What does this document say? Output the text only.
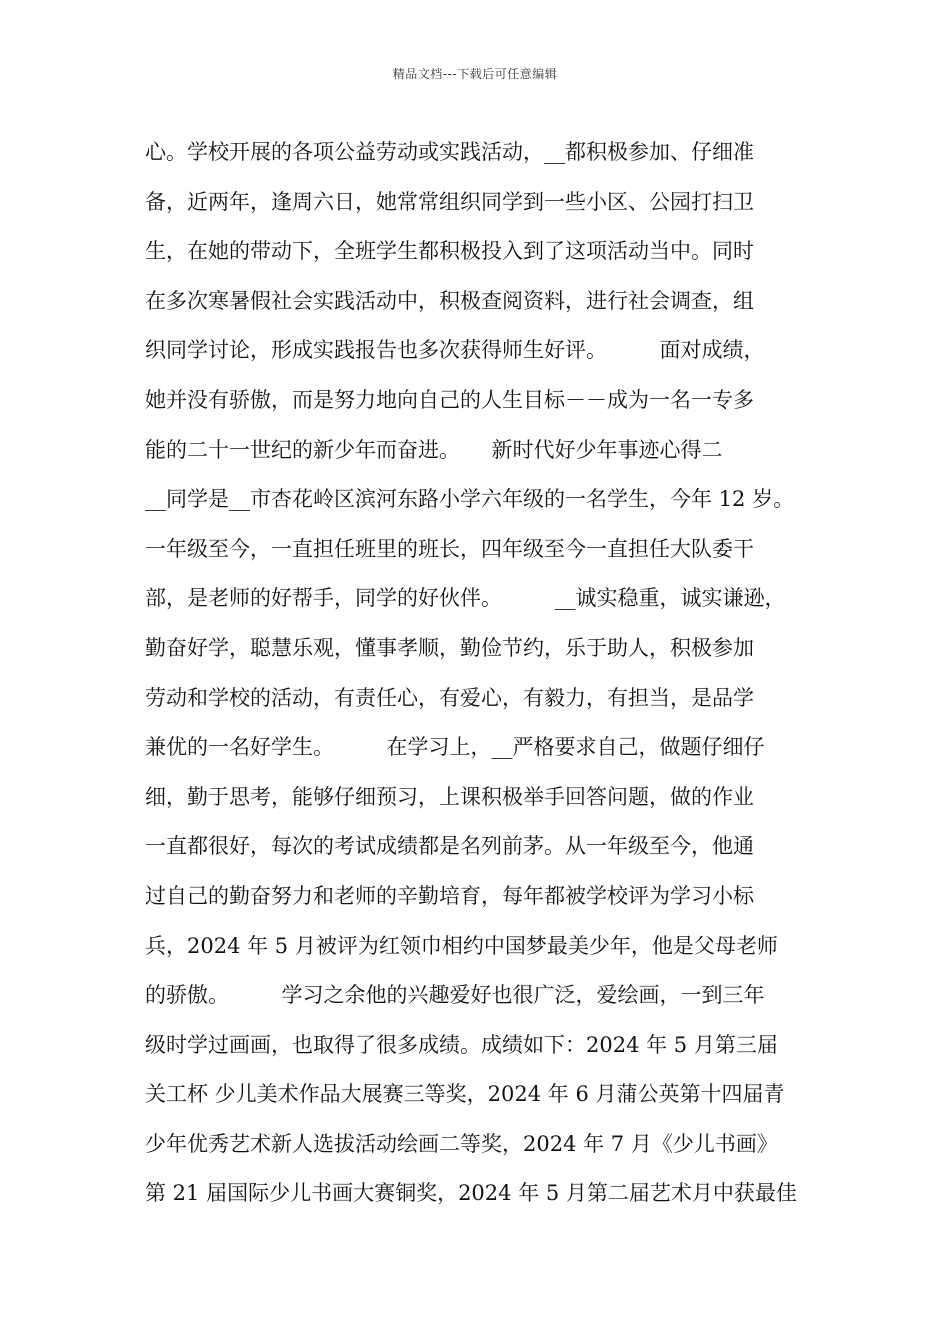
精品文档---下载后可任意编辑
心。学校开展的各项公益劳动或实践活动，__都积极参加、仔细准
备，近两年，逢周六日，她常常组织同学到一些小区、公园打扫卫
生，在她的带动下，全班学生都积极投入到了这项活动当中。同时
在多次寒暑假社会实践活动中，积极查阅资料，进行社会调查，组
织同学讨论，形成实践报告也多次获得师生好评。　　　面对成绩，
她并没有骄傲，而是努力地向自己的人生目标－－成为一名一专多
能的二十一世纪的新少年而奋进。　　新时代好少年事迹心得二
__同学是__市杏花岭区滨河东路小学六年级的一名学生，今年 12 岁。
一年级至今，一直担任班里的班长，四年级至今一直担任大队委干
部，是老师的好帮手，同学的好伙伴。　　　__诚实稳重，诚实谦逊，
勤奋好学，聪慧乐观，懂事孝顺，勤俭节约，乐于助人，积极参加
劳动和学校的活动，有责任心，有爱心，有毅力，有担当，是品学
兼优的一名好学生。　　　在学习上，__严格要求自己，做题仔细仔
细，勤于思考，能够仔细预习，上课积极举手回答问题，做的作业
一直都很好，每次的考试成绩都是名列前茅。从一年级至今，他通
过自己的勤奋努力和老师的辛勤培育，每年都被学校评为学习小标
兵，2024 年 5 月被评为红领巾相约中国梦最美少年，他是父母老师
的骄傲。　　　学习之余他的兴趣爱好也很广泛，爱绘画，一到三年
级时学过画画，也取得了很多成绩。成绩如下：2024 年 5 月第三届
关工杯 少儿美术作品大展赛三等奖，2024 年 6 月蒲公英第十四届青
少年优秀艺术新人选拔活动绘画二等奖，2024 年 7 月《少儿书画》
第 21 届国际少儿书画大赛铜奖，2024 年 5 月第二届艺术月中获最佳
